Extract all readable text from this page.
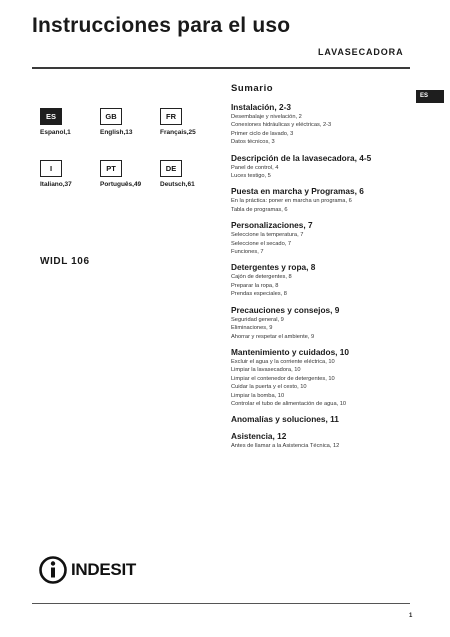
Instrucciones para el uso
LAVASECADORA
ES
ES
Espanol,1
GB
English,13
FR
Français,25
I
Italiano,37
PT
Português,49
DE
Deutsch,61
WIDL 106
Sumario
Instalación, 2-3
Desembalaje y nivelación, 2
Conexiones hidráulicas y eléctricas, 2-3
Primer ciclo de lavado, 3
Datos técnicos, 3
Descripción de la lavasecadora, 4-5
Panel de control, 4
Luces testigo, 5
Puesta en marcha y Programas, 6
En la práctica: poner en marcha un programa, 6
Tabla de programas, 6
Personalizaciones, 7
Seleccione la temperatura, 7
Seleccione el secado, 7
Funciones, 7
Detergentes y ropa, 8
Cajón de detergentes, 8
Preparar la ropa, 8
Prendas especiales, 8
Precauciones y consejos, 9
Seguridad general, 9
Eliminaciones, 9
Ahorrar y respetar el ambiente, 9
Mantenimiento y cuidados, 10
Excluir el agua y la corriente eléctrica, 10
Limpiar la lavasecadora, 10
Limpiar el contenedor de detergentes, 10
Cuidar la puerta y el cesto, 10
Limpiar la bomba, 10
Controlar el tubo de alimentación de agua, 10
Anomalías y soluciones, 11
Asistencia, 12
Antes de llamar a la Asistencia Técnica, 12
INDESIT
1
